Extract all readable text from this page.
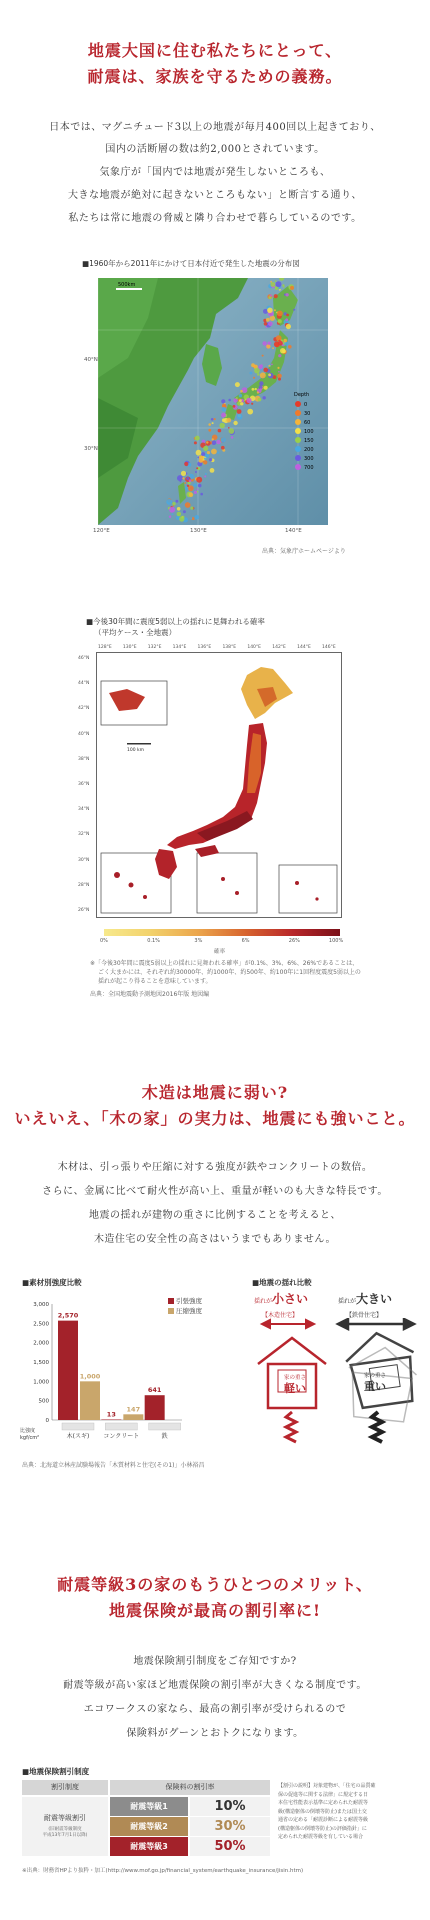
地震大国に住む私たちにとって、
耐震は、家族を守るための義務。
日本では、マグニチュード3以上の地震が毎月400回以上起きており、
国内の活断層の数は約2,000とされています。
気象庁が「国内では地震が発生しないところも、
大きな地震が絶対に起きないところもない」と断言する通り、
私たちは常に地震の脅威と隣り合わせで暮らしているのです。
■1960年から2011年にかけて日本付近で発生した地震の分布図
500km
Depth
0
30
60
100
150
200
300
700
40°N
30°N
120°E	130°E	140°E
出典：気象庁ホームページより
■今後30年間に震度5弱以上の揺れに見舞われる確率
（平均ケース・全地震）
100 km
128°E 130°E 132°E 134°E 136°E 138°E 140°E 142°E 144°E 146°E
46°N
44°N
42°N
40°N
38°N
36°N
34°N
32°N
30°N
28°N
26°N
0%	0.1%	3%	6%	26%	100%
確率
※「今後30年間に震度5弱以上の揺れに見舞われる確率」が0.1%、3%、6%、26%であることは、
ごく大まかには、それぞれ約30000年、約1000年、約500年、約100年に1回程度震度5弱以上の
揺れが起こり得ることを意味しています。
出典：全国地震動予測地図2016年版 地図編
木造は地震に弱い?
いえいえ、「木の家」の実力は、地震にも強いこと。
木材は、引っ張りや圧縮に対する強度が鉄やコンクリートの数倍。
さらに、金属に比べて耐火性が高い上、重量が軽いのも大きな特長です。
地震の揺れが建物の重さに比例することを考えると、
木造住宅の安全性の高さはいうまでもありません。
■素材別強度比較
3,000
2,500
2,000
1,500
1,000
500
0
2,570
1,000
木(スギ)
13
147
コンクリート
641
鉄
比強度
kgf/cm²
引張強度
圧縮強度
出典：北海道立林産試験場報告「木質材料と住宅(その1)」小林裕昌
■地震の揺れ比較
揺れが 小さい
【木造住宅】
揺れが 大きい
【鉄骨住宅】
家の重さ
軽い
家の重さ
重い
耐震等級3の家のもうひとつのメリット、
地震保険が最高の割引率に!
地震保険割引制度をご存知ですか?
耐震等級が高い家ほど地震保険の割引率が大きくなる制度です。
エコワークスの家なら、最高の割引率が受けられるので
保険料がグーンとおトクになります。
■地震保険割引制度
割引制度	保険料の割引率
耐震等級割引
(旧耐震等級制度
平成13年7月1日以降)
耐震等級1	10%
耐震等級2	30%
耐震等級3	50%
【割引の説明】対象建物が、「住宅の品質確
保の促進等に関する法律」に規定する日
本住宅性能表示基準に定められた耐震等
級(構造躯体の倒壊等防止)または国土交
通省の定める「耐震診断による耐震等級
(構造躯体の倒壊等防止)の評価指針」に
定められた耐震等級を有している場合
※出典：財務省HPより抜粋・加工(http://www.mof.go.jp/financial_system/earthquake_insurance/jisin.htm)
